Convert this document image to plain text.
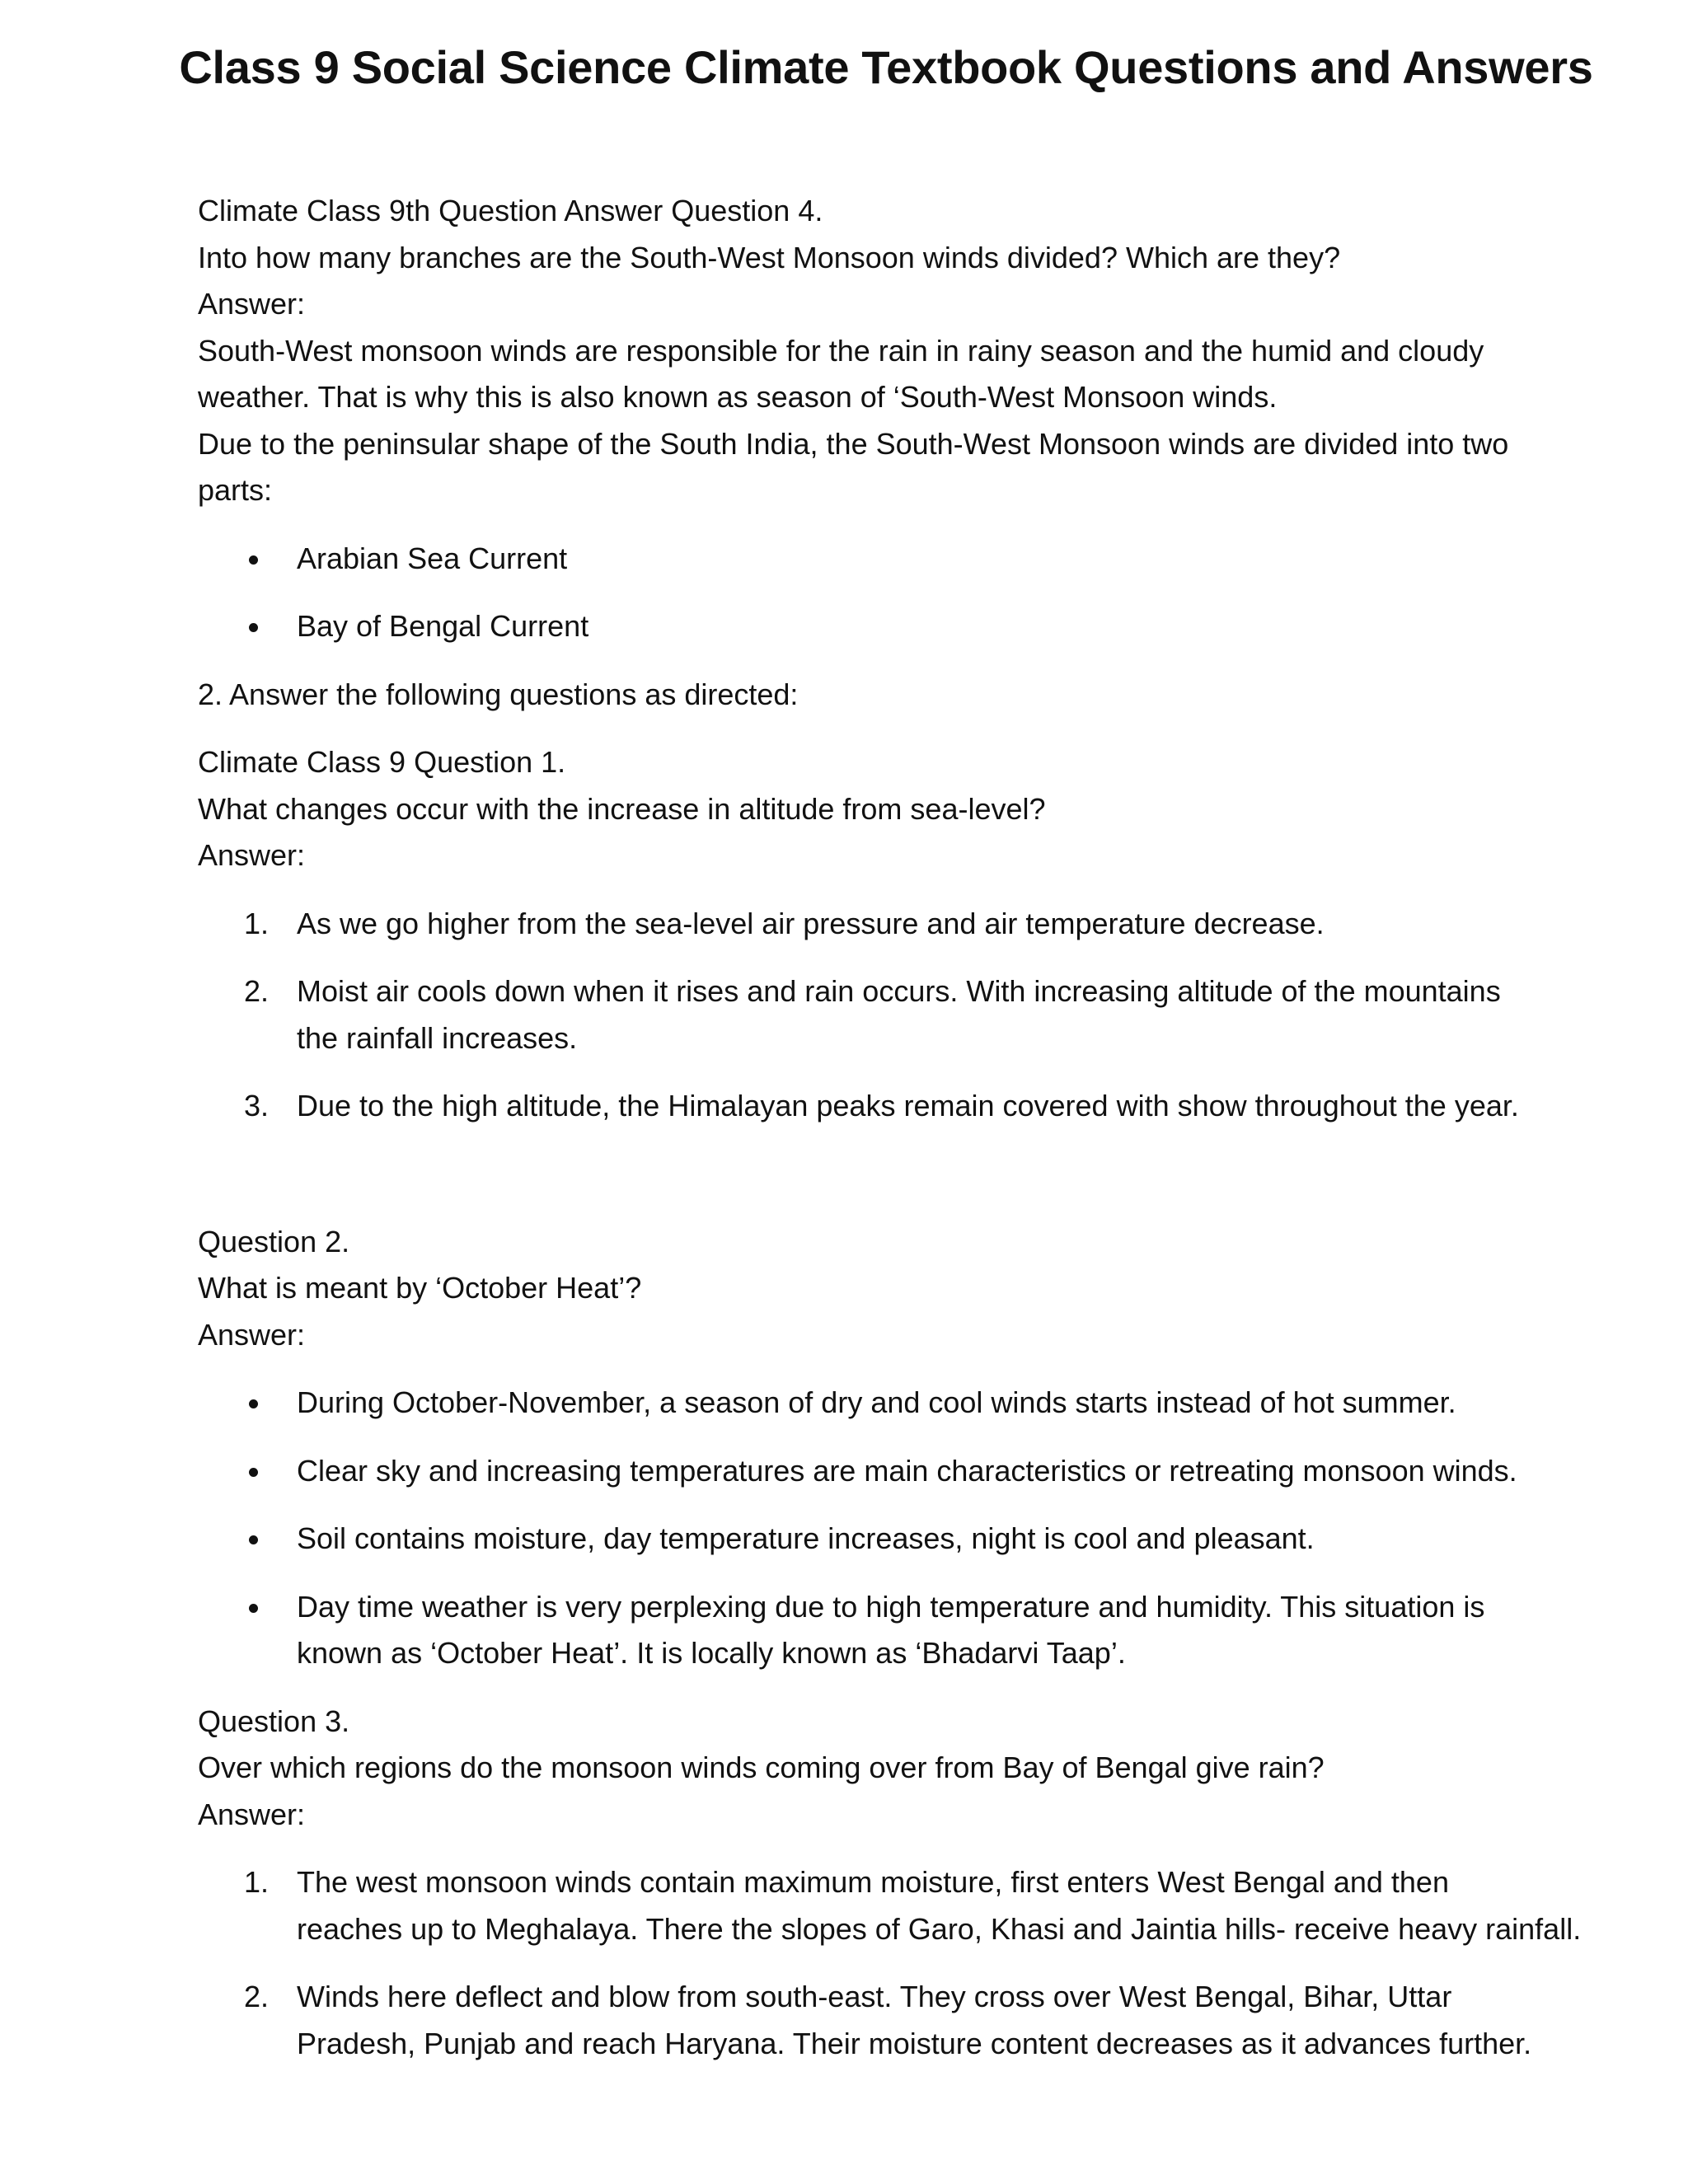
Class 9 Social Science Climate Textbook Questions and Answers
Climate Class 9th Question Answer Question 4.
Into how many branches are the South-West Monsoon winds divided? Which are they?
Answer:
South-West monsoon winds are responsible for the rain in rainy season and the humid and cloudy
weather. That is why this is also known as season of ‘South-West Monsoon winds.
Due to the peninsular shape of the South India, the South-West Monsoon winds are divided into two
parts:
Arabian Sea Current
Bay of Bengal Current
2. Answer the following questions as directed:
Climate Class 9 Question 1.
What changes occur with the increase in altitude from sea-level?
Answer:
1. As we go higher from the sea-level air pressure and air temperature decrease.
2. Moist air cools down when it rises and rain occurs. With increasing altitude of the mountains
the rainfall increases.
3. Due to the high altitude, the Himalayan peaks remain covered with show throughout the year.
Question 2.
What is meant by ‘October Heat’?
Answer:
During October-November, a season of dry and cool winds starts instead of hot summer.
Clear sky and increasing temperatures are main characteristics or retreating monsoon winds.
Soil contains moisture, day temperature increases, night is cool and pleasant.
Day time weather is very perplexing due to high temperature and humidity. This situation is
known as ‘October Heat’. It is locally known as ‘Bhadarvi Taap’.
Question 3.
Over which regions do the monsoon winds coming over from Bay of Bengal give rain?
Answer:
1. The west monsoon winds contain maximum moisture, first enters West Bengal and then
reaches up to Meghalaya. There the slopes of Garo, Khasi and Jaintia hills- receive heavy rainfall.
2. Winds here deflect and blow from south-east. They cross over West Bengal, Bihar, Uttar
Pradesh, Punjab and reach Haryana. Their moisture content decreases as it advances further.
